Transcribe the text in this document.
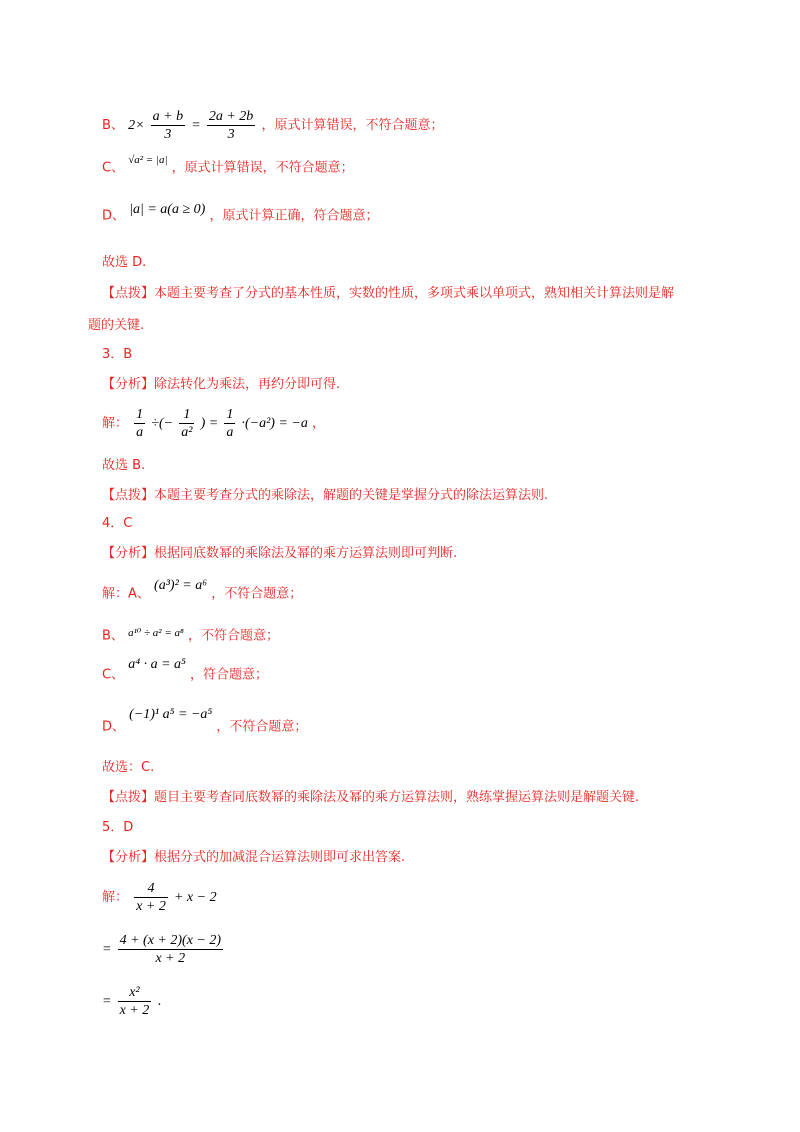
B、 $2\times \frac{a + b}{3} = \frac{2a + 2b}{3}$ ，原式计算错误，不符合题意；
C、 √a² = |a| ，原式计算错误，不符合题意；
D、 |a| = a(a ≥ 0) ，原式计算正确，符合题意；
故选 D.
【点拨】本题主要考查了分式的基本性质，实数的性质，多项式乘以单项式，熟知相关计算法则是解
题的关键.
3．B
【分析】除法转化为乘法，再约分即可得.
解： $\frac{1}{a}$ ÷(− $\frac{1}{\text{a²}}$ ) = $\frac{1}{a} \cdot(-a^2) = -a$ ，
故选 B.
【点拨】本题主要考查分式的乘除法，解题的关键是掌握分式的除法运算法则.
4．C
【分析】根据同底数幂的乘除法及幂的乘方运算法则即可判断.
解：A、 (a³)² = a⁶ ，不符合题意；
B、 a¹⁰ ÷ a² = a⁸ ，不符合题意；
C、 a⁴ · a = a⁵ ，符合题意；
D、 (−1)¹ a⁵ = −a⁵ ，不符合题意；
故选：C.
【点拨】题目主要考查同底数幂的乘除法及幂的乘方运算法则，熟练掌握运算法则是解题关键.
5．D
【分析】根据分式的加减混合运算法则即可求出答案.
解： $\frac{4}{x + 2} + x - 2$
= $\frac{4 + (x + 2)(x - 2)}{x + 2}$
= $\frac{\text{x²}}{x + 2}$ .
